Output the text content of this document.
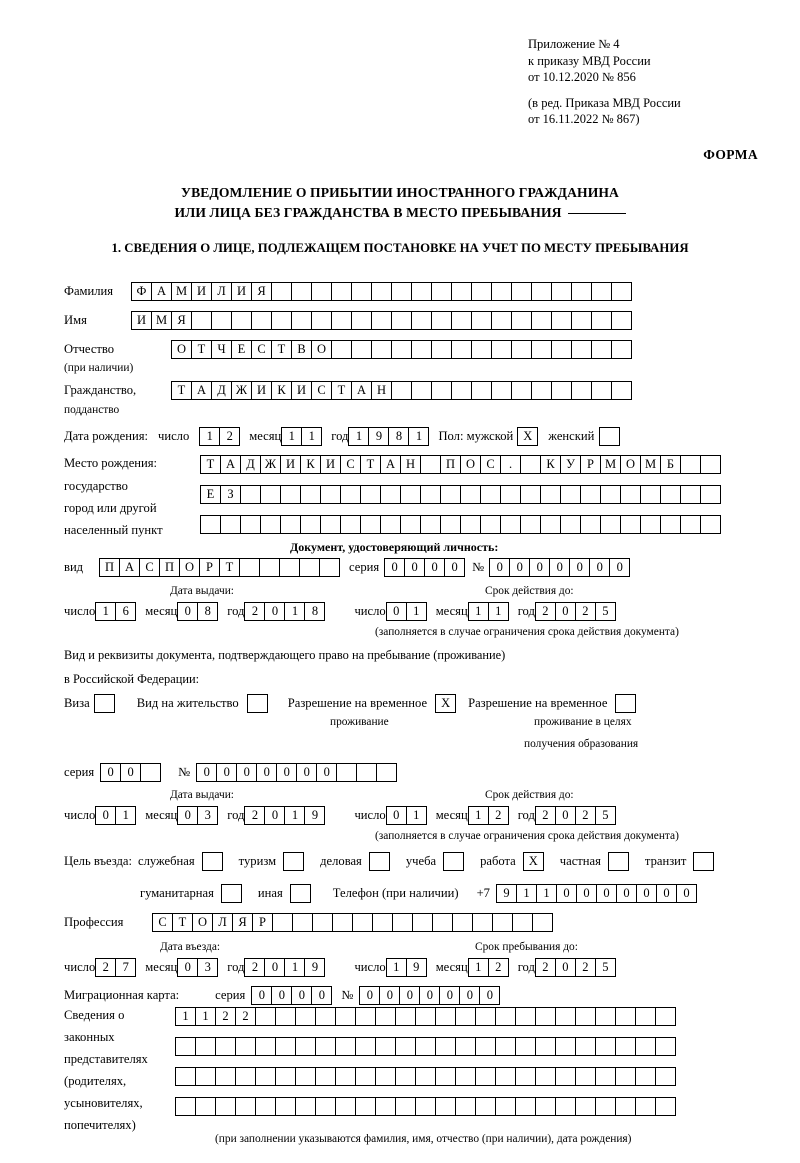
Приложение № 4
к приказу МВД России
от 10.12.2020 № 856
(в ред. Приказа МВД России
от 16.11.2022 № 867)
ФОРМА
УВЕДОМЛЕНИЕ О ПРИБЫТИИ ИНОСТРАННОГО ГРАЖДАНИНА
ИЛИ ЛИЦА БЕЗ ГРАЖДАНСТВА В МЕСТО ПРЕБЫВАНИЯ
1. СВЕДЕНИЯ О ЛИЦЕ, ПОДЛЕЖАЩЕМ ПОСТАНОВКЕ НА УЧЕТ ПО МЕСТУ ПРЕБЫВАНИЯ
Фамилия	Ф А М И Л И Я
Имя	И М Я
Отчество	О Т Ч Е С Т В О
(при наличии)
Гражданство,	Т А Д Ж И К И С Т А Н
подданство
Дата рождения: число	1	2	месяц 1	1	год 1	9	8	1	Пол: мужской X	женский
Место рождения:
государство
город или другой
населенный пункт
Т А Д Ж И К И С Т А Н	П О С	.	К У Р М О М Б
Е	З
Документ, удостоверяющий личность:
вид	П А С П О Р	Т	серия 0	0	0	0	№ 0	0	0	0	0	0	0
Дата выдачи:	Срок действия до:
число 1	6	месяц 0	8	год 2	0	1	8	число 0	1	месяц 1	1	год 2	0	2	5
(заполняется в случае ограничения срока действия документа)
Вид и реквизиты документа, подтверждающего право на пребывание (проживание)
в Российской Федерации:
Виза	Вид на жительство	Разрешение на временное	X	Разрешение на временное
проживание	проживание в целях
получения образования
серия	0	0	№	0	0	0	0	0	0	0
Дата выдачи:	Срок действия до:
число 0	1	месяц 0	3	год 2	0	1	9	число 0	1	месяц 1	2	год 2	0	2	5
(заполняется в случае ограничения срока действия документа)
Цель въезда: служебная	туризм	деловая	учеба	работа	X	частная	транзит
гуманитарная	иная	Телефон (при наличии) +7	9	1	1	0	0	0	0	0	0	0
Профессия	С Т О Л Я Р
Дата въезда:	Срок пребывания до:
число 2	7	месяц 0	3	год 2	0	1	9	число 1	9	месяц 1	2	год 2	0	2	5
Миграционная карта:	серия	0	0	0	0	№	0	0	0	0	0	0	0
Сведения о
законных
представителях
(родителях,
усыновителях,
попечителях)
1	1	2	2
(при заполнении указываются фамилия, имя, отчество (при наличии), дата рождения)
